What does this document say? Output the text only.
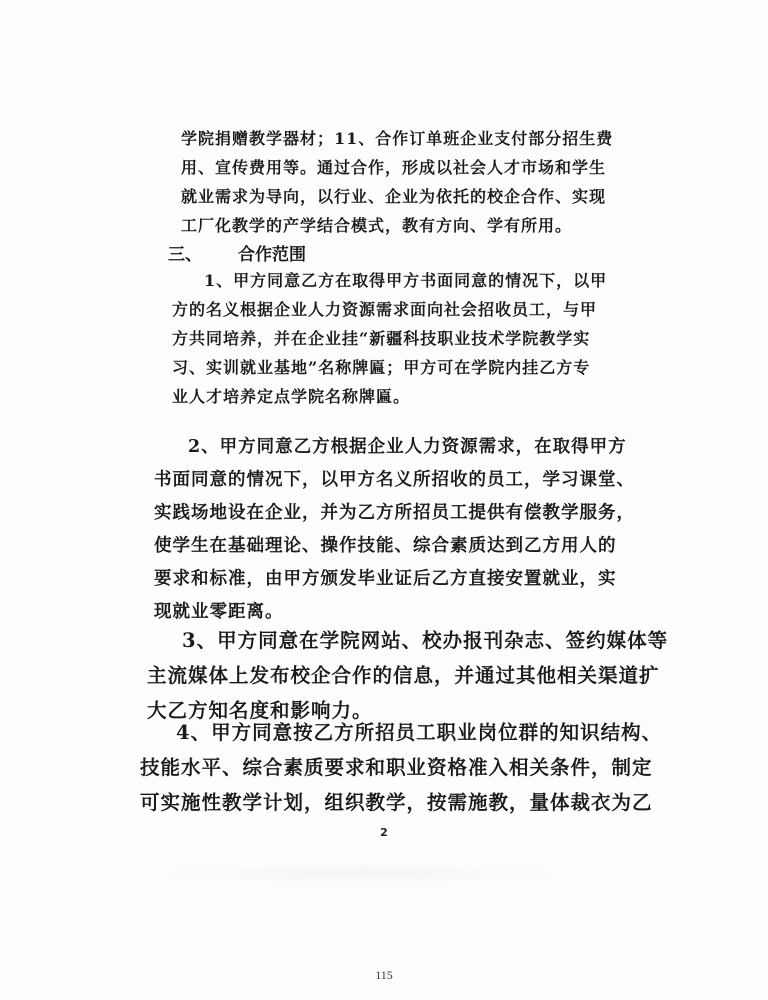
学院捐赠教学器材；11、合作订单班企业支付部分招生费
用、宣传费用等。通过合作，形成以社会人才市场和学生
就业需求为导向，以行业、企业为依托的校企合作、实现
工厂化教学的产学结合模式，教有方向、学有所用。
三、 合作范围
1、甲方同意乙方在取得甲方书面同意的情况下，以甲
方的名义根据企业人力资源需求面向社会招收员工，与甲
方共同培养，并在企业挂“新疆科技职业技术学院教学实
习、实训就业基地”名称牌匾；甲方可在学院内挂乙方专
业人才培养定点学院名称牌匾。
2、甲方同意乙方根据企业人力资源需求，在取得甲方
书面同意的情况下，以甲方名义所招收的员工，学习课堂、
实践场地设在企业，并为乙方所招员工提供有偿教学服务，
使学生在基础理论、操作技能、综合素质达到乙方用人的
要求和标准，由甲方颁发毕业证后乙方直接安置就业，实
现就业零距离。
3、甲方同意在学院网站、校办报刊杂志、签约媒体等
主流媒体上发布校企合作的信息，并通过其他相关渠道扩
大乙方知名度和影响力。
4、甲方同意按乙方所招员工职业岗位群的知识结构、
技能水平、综合素质要求和职业资格准入相关条件，制定
可实施性教学计划，组织教学，按需施教，量体裁衣为乙
2
115
